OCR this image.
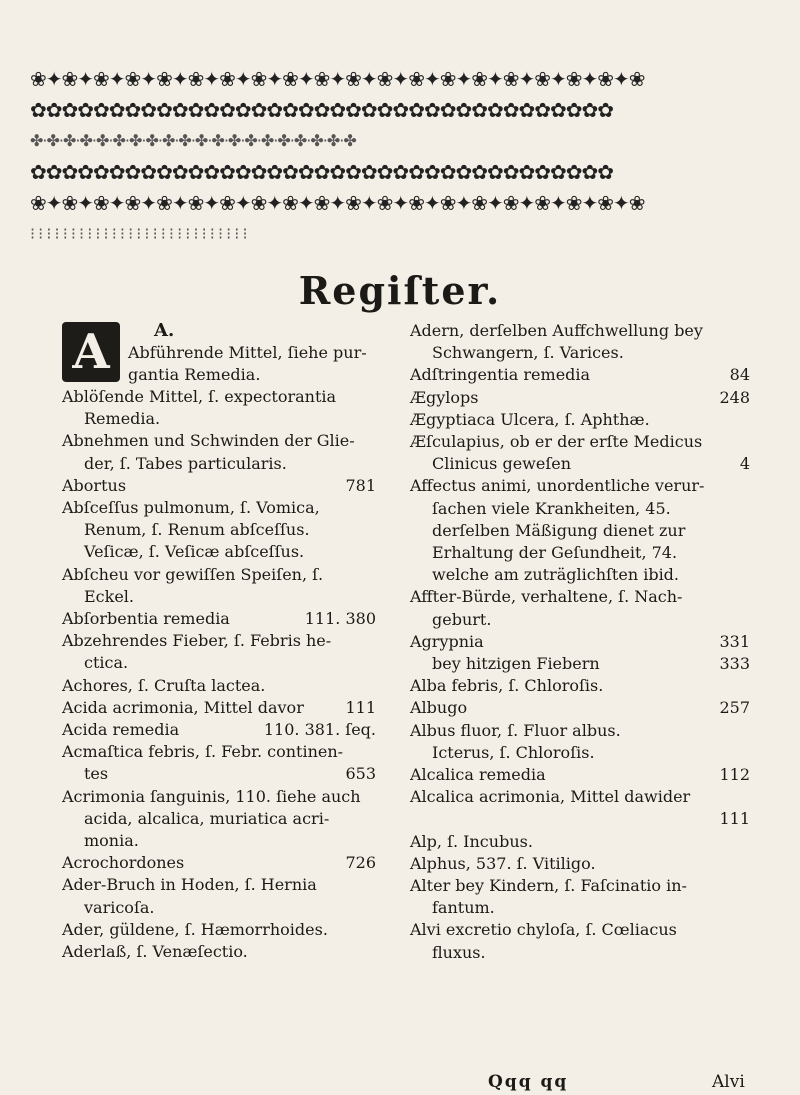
❀✦❀✦❀✦❀✦❀✦❀✦❀✦❀✦❀✦❀✦❀✦❀✦❀✦❀✦❀✦❀✦❀✦❀✦❀✦❀
✿✿✿✿✿✿✿✿✿✿✿✿✿✿✿✿✿✿✿✿✿✿✿✿✿✿✿✿✿✿✿✿✿✿✿✿✿
✤·✤·✤·✤·✤·✤·✤·✤·✤·✤·✤·✤·✤·✤·✤·✤·✤·✤·✤·✤
✿✿✿✿✿✿✿✿✿✿✿✿✿✿✿✿✿✿✿✿✿✿✿✿✿✿✿✿✿✿✿✿✿✿✿✿✿
❀✦❀✦❀✦❀✦❀✦❀✦❀✦❀✦❀✦❀✦❀✦❀✦❀✦❀✦❀✦❀✦❀✦❀✦❀✦❀
⁝ ⁝ ⁝ ⁝ ⁝ ⁝ ⁝ ⁝ ⁝ ⁝ ⁝ ⁝ ⁝ ⁝ ⁝ ⁝ ⁝ ⁝ ⁝ ⁝ ⁝ ⁝ ⁝ ⁝ ⁝ ⁝ ⁝
Regiſter.
A	A.
Abführende Mittel, ſiehe pur-
gantia Remedia.
Ablöſende Mittel, ſ. expectorantia
Remedia.
Abnehmen und Schwinden der Glie-
der, ſ. Tabes particularis.
Abortus	781
Abſceſſus pulmonum, ſ. Vomica,
Renum, ſ. Renum abſceſſus.
Veſicæ, ſ. Veſicæ abſceſſus.
Abſcheu vor gewiſſen Speiſen, ſ.
Eckel.
Abſorbentia remedia	111. 380
Abzehrendes Fieber, ſ. Febris he-
ctica.
Achores, ſ. Cruſta lactea.
Acida acrimonia, Mittel davor	111
Acida remedia	110. 381. ſeq.
Acmaſtica febris, ſ. Febr. continen-
tes	653
Acrimonia ſanguinis, 110. ſiehe auch
acida, alcalica, muriatica acri-
monia.
Acrochordones	726
Ader-Bruch in Hoden, ſ. Hernia
varicoſa.
Ader, güldene, ſ. Hæmorrhoides.
Aderlaß, ſ. Venæſectio.
Adern, derſelben Auffchwellung bey
Schwangern, ſ. Varices.
Adſtringentia remedia	84
Ægylops	248
Ægyptiaca Ulcera, ſ. Aphthæ.
Æſculapius, ob er der erſte Medicus
Clinicus geweſen	4
Affectus animi, unordentliche verur-
ſachen viele Krankheiten, 45.
derſelben Mäßigung dienet zur
Erhaltung der Geſundheit, 74.
welche am zuträglichſten ibid.
Affter-Bürde, verhaltene, ſ. Nach-
geburt.
Agrypnia	331
bey hitzigen Fiebern	333
Alba febris, ſ. Chloroſis.
Albugo	257
Albus fluor, ſ. Fluor albus.
Icterus, ſ. Chloroſis.
Alcalica remedia	112
Alcalica acrimonia, Mittel dawider
111
Alp, ſ. Incubus.
Alphus, 537. ſ. Vitiligo.
Alter bey Kindern, ſ. Faſcinatio in-
fantum.
Alvi excretio chyloſa, ſ. Cœliacus
fluxus.
Qqq qq	Alvi
